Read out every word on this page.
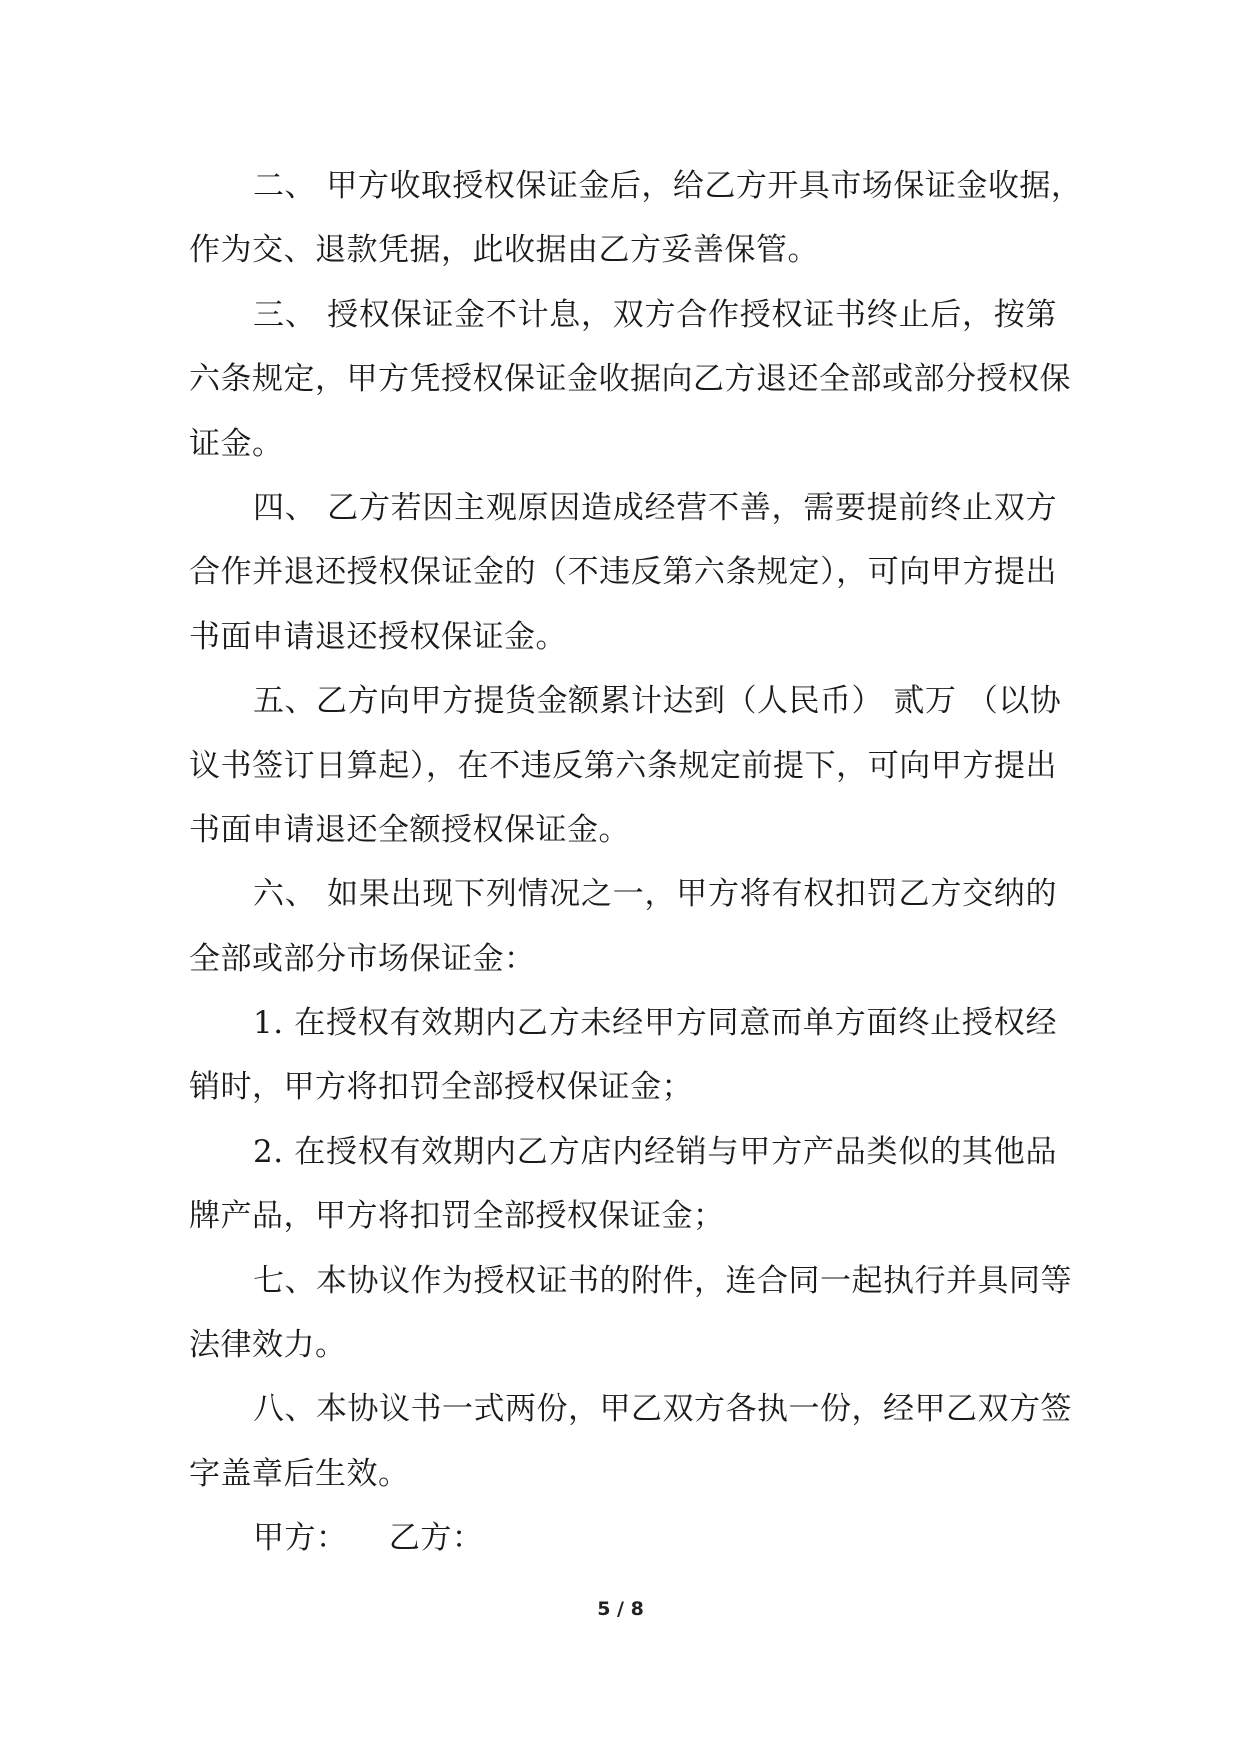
二、 甲方收取授权保证金后，给乙方开具市场保证金收据，
作为交、退款凭据，此收据由乙方妥善保管。
三、 授权保证金不计息，双方合作授权证书终止后，按第
六条规定，甲方凭授权保证金收据向乙方退还全部或部分授权保
证金。
四、 乙方若因主观原因造成经营不善，需要提前终止双方
合作并退还授权保证金的（不违反第六条规定），可向甲方提出
书面申请退还授权保证金。
五、乙方向甲方提货金额累计达到（人民币） 贰万 （以协
议书签订日算起），在不违反第六条规定前提下，可向甲方提出
书面申请退还全额授权保证金。
六、 如果出现下列情况之一，甲方将有权扣罚乙方交纳的
全部或部分市场保证金：
1. 在授权有效期内乙方未经甲方同意而单方面终止授权经
销时，甲方将扣罚全部授权保证金；
2. 在授权有效期内乙方店内经销与甲方产品类似的其他品
牌产品，甲方将扣罚全部授权保证金；
七、本协议作为授权证书的附件，连合同一起执行并具同等
法律效力。
八、本协议书一式两份，甲乙双方各执一份，经甲乙双方签
字盖章后生效。
甲方：    乙方：
5 / 8
